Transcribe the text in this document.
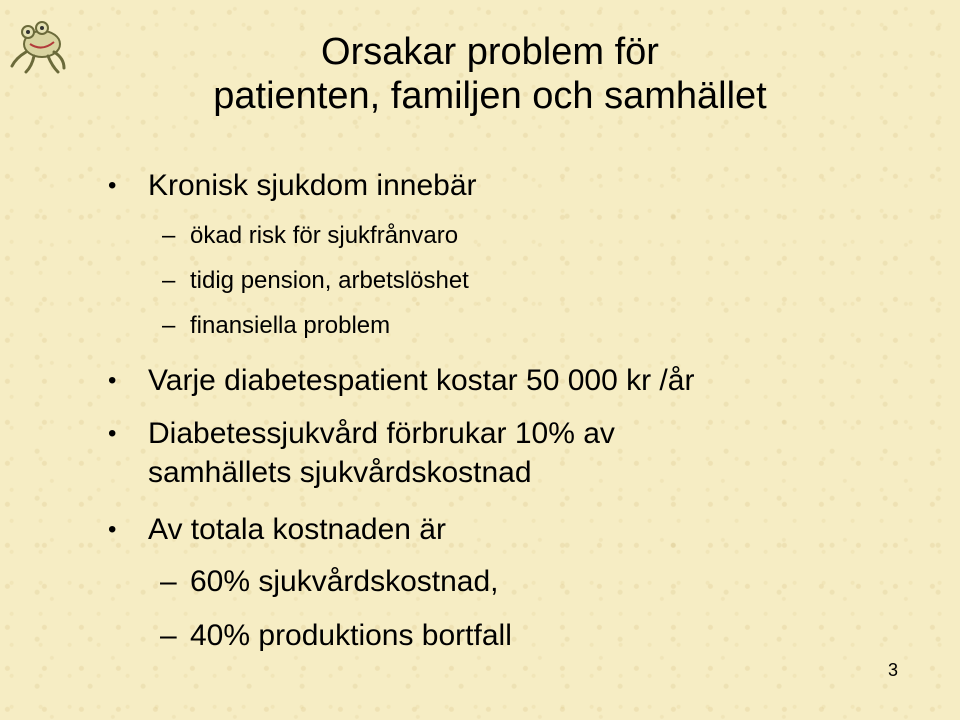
Orsakar problem för
patienten, familjen och samhället
• Kronisk sjukdom innebär
– ökad risk för sjukfrånvaro
– tidig pension, arbetslöshet
– finansiella problem
• Varje diabetespatient kostar 50 000 kr /år
• Diabetessjukvård förbrukar 10% av
samhällets sjukvårdskostnad
• Av totala kostnaden är
– 60% sjukvårdskostnad,
– 40% produktions bortfall
3
